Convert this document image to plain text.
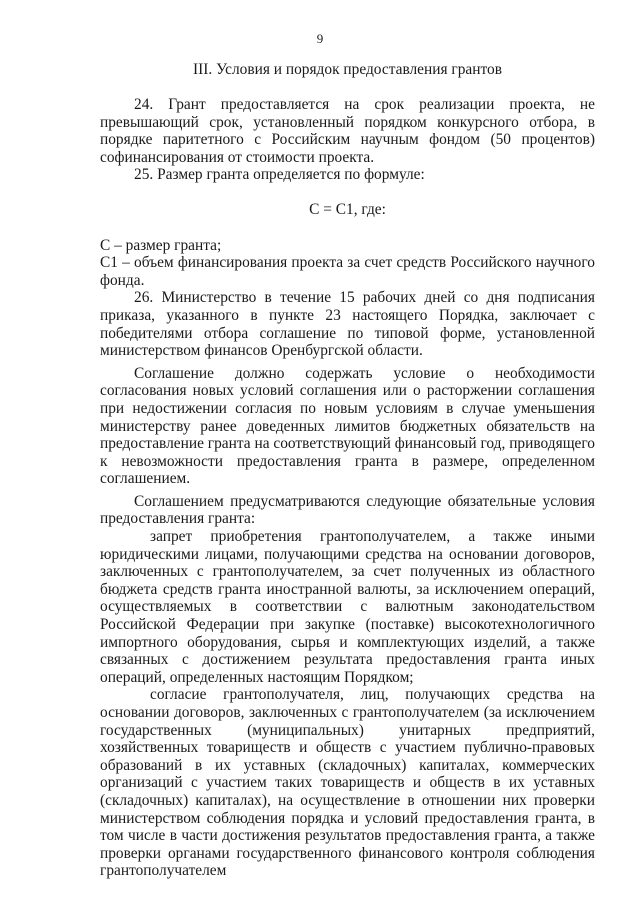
9
III. Условия и порядок предоставления грантов

24. Грант предоставляется на срок реализации проекта, не превышающий срок, установленный порядком конкурсного отбора, в порядке паритетного с Российским научным фондом (50 процентов) софинансирования от стоимости проекта.

25. Размер гранта определяется по формуле:

С = С1, где:

С – размер гранта;

С1 – объем финансирования проекта за счет средств Российского научного фонда.

26. Министерство в течение 15 рабочих дней со дня подписания приказа, указанного в пункте 23 настоящего Порядка, заключает с победителями отбора соглашение по типовой форме, установленной министерством финансов Оренбургской области.

Соглашение должно содержать условие о необходимости согласования новых условий соглашения или о расторжении соглашения при недостижении согласия по новым условиям в случае уменьшения министерству ранее доведенных лимитов бюджетных обязательств на предоставление гранта на соответствующий финансовый год, приводящего к невозможности предоставления гранта в размере, определенном соглашением.

Соглашением предусматриваются следующие обязательные условия предоставления гранта:

запрет приобретения грантополучателем, а также иными юридическими лицами, получающими средства на основании договоров, заключенных с грантополучателем, за счет полученных из областного бюджета средств гранта иностранной валюты, за исключением операций, осуществляемых в соответствии с валютным законодательством Российской Федерации при закупке (поставке) высокотехнологичного импортного оборудования, сырья и комплектующих изделий, а также связанных с достижением результата предоставления гранта иных операций, определенных настоящим Порядком;

согласие грантополучателя, лиц, получающих средства на основании договоров, заключенных с грантополучателем (за исключением государственных (муниципальных) унитарных предприятий, хозяйственных товариществ и обществ с участием публично-правовых образований в их уставных (складочных) капиталах, коммерческих организаций с участием таких товариществ и обществ в их уставных (складочных) капиталах), на осуществление в отношении них проверки министерством соблюдения порядка и условий предоставления гранта, в том числе в части достижения результатов предоставления гранта, а также проверки органами государственного финансового контроля соблюдения грантополучателем
